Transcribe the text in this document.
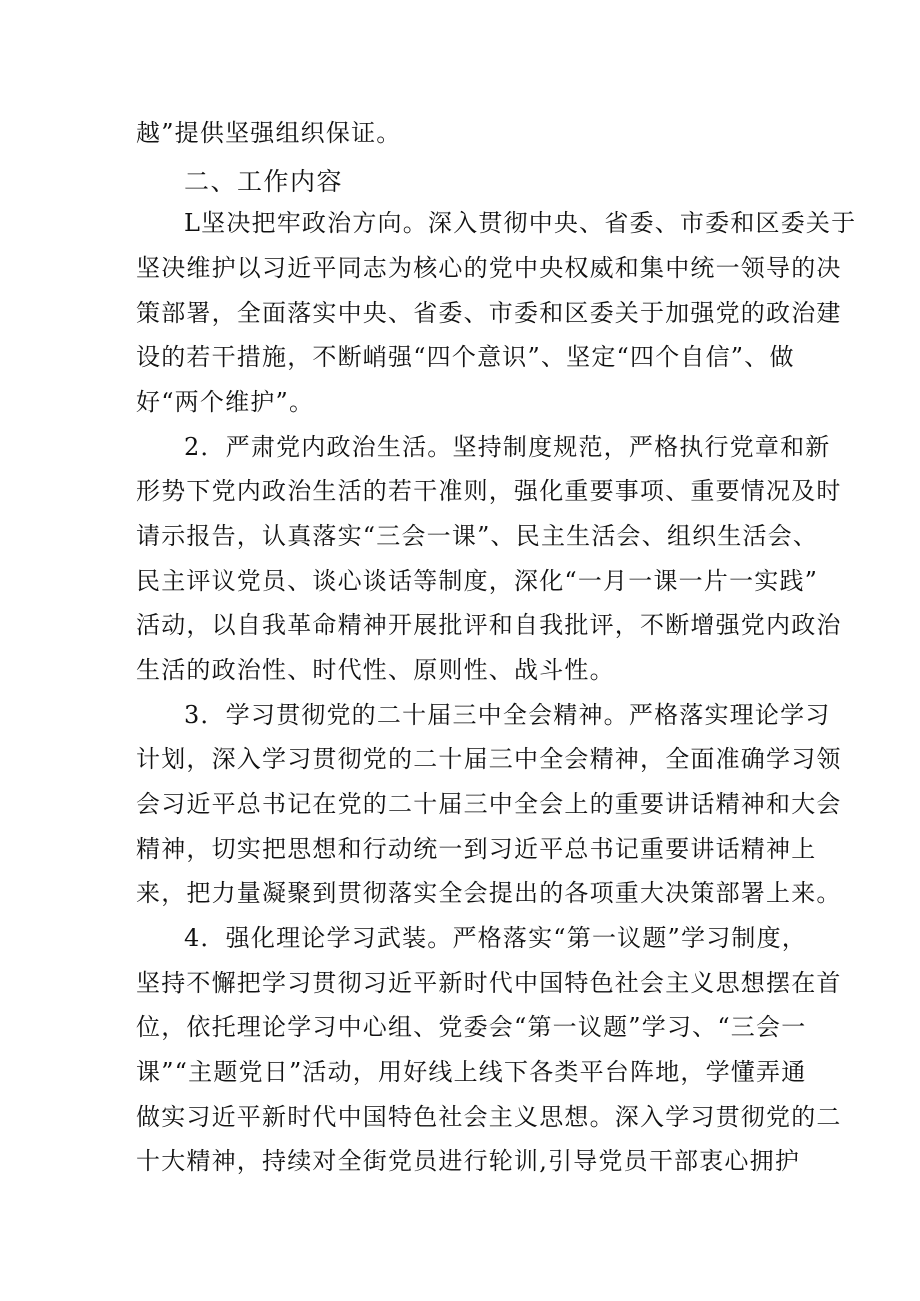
越”提供坚强组织保证。
二、工作内容
L坚决把牢政治方向。深入贯彻中央、省委、市委和区委关于
坚决维护以习近平同志为核心的党中央权威和集中统一领导的决
策部署，全面落实中央、省委、市委和区委关于加强党的政治建
设的若干措施，不断峭强“四个意识”、坚定“四个自信”、做
好“两个维护”。
2．严肃党内政治生活。坚持制度规范，严格执行党章和新
形势下党内政治生活的若干准则，强化重要事项、重要情况及时
请示报告，认真落实“三会一课”、民主生活会、组织生活会、
民主评议党员、谈心谈话等制度，深化“一月一课一片一实践”
活动，以自我革命精神开展批评和自我批评，不断增强党内政治
生活的政治性、时代性、原则性、战斗性。
3．学习贯彻党的二十届三中全会精神。严格落实理论学习
计划，深入学习贯彻党的二十届三中全会精神，全面准确学习领
会习近平总书记在党的二十届三中全会上的重要讲话精神和大会
精神，切实把思想和行动统一到习近平总书记重要讲话精神上
来，把力量凝聚到贯彻落实全会提出的各项重大决策部署上来。
4．强化理论学习武装。严格落实“第一议题”学习制度，
坚持不懈把学习贯彻习近平新时代中国特色社会主义思想摆在首
位，依托理论学习中心组、党委会“第一议题”学习、“三会一
课”“主题党日”活动，用好线上线下各类平台阵地，学懂弄通
做实习近平新时代中国特色社会主义思想。深入学习贯彻党的二
十大精神，持续对全街党员进行轮训,引导党员干部衷心拥护
